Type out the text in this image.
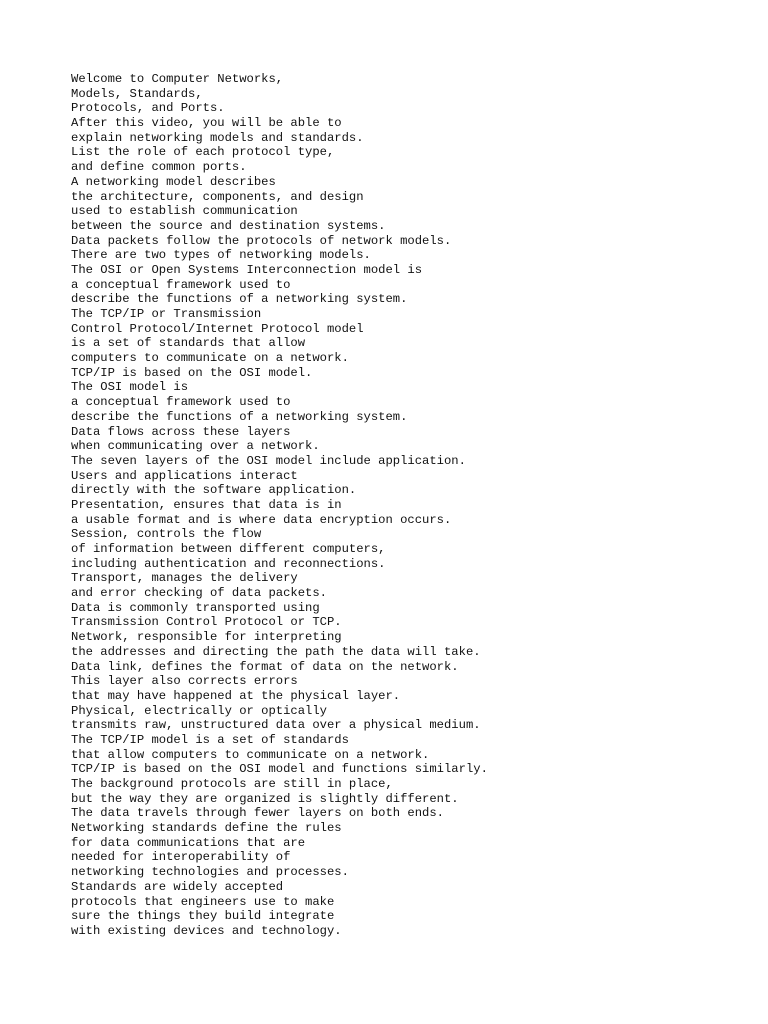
Welcome to Computer Networks,
Models, Standards,
Protocols, and Ports.
After this video, you will be able to
explain networking models and standards.
List the role of each protocol type,
and define common ports.
A networking model describes
the architecture, components, and design
used to establish communication
between the source and destination systems.
Data packets follow the protocols of network models.
There are two types of networking models.
The OSI or Open Systems Interconnection model is
a conceptual framework used to
describe the functions of a networking system.
The TCP/IP or Transmission
Control Protocol/Internet Protocol model
is a set of standards that allow
computers to communicate on a network.
TCP/IP is based on the OSI model.
The OSI model is
a conceptual framework used to
describe the functions of a networking system.
Data flows across these layers
when communicating over a network.
The seven layers of the OSI model include application.
Users and applications interact
directly with the software application.
Presentation, ensures that data is in
a usable format and is where data encryption occurs.
Session, controls the flow
of information between different computers,
including authentication and reconnections.
Transport, manages the delivery
and error checking of data packets.
Data is commonly transported using
Transmission Control Protocol or TCP.
Network, responsible for interpreting
the addresses and directing the path the data will take.
Data link, defines the format of data on the network.
This layer also corrects errors
that may have happened at the physical layer.
Physical, electrically or optically
transmits raw, unstructured data over a physical medium.
The TCP/IP model is a set of standards
that allow computers to communicate on a network.
TCP/IP is based on the OSI model and functions similarly.
The background protocols are still in place,
but the way they are organized is slightly different.
The data travels through fewer layers on both ends.
Networking standards define the rules
for data communications that are
needed for interoperability of
networking technologies and processes.
Standards are widely accepted
protocols that engineers use to make
sure the things they build integrate
with existing devices and technology.
